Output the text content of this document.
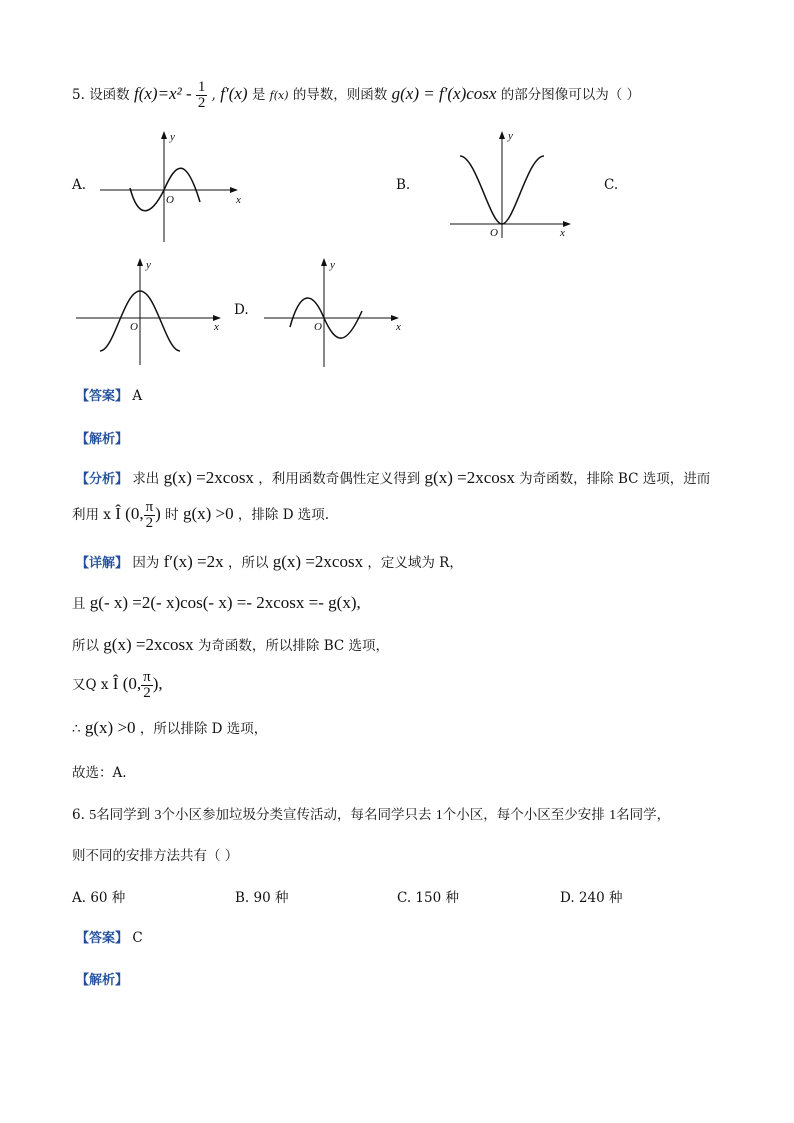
5. 设函数 $f(x)=x^2 - \frac{1}{2}$ , f′(x) 是 f(x) 的导数，则函数 g(x) = f′(x)cosx 的部分图像可以为（ ）
A.	B.	C.
D.
x
y
O
x
y
O
x
y
O	x
y
O
【答案】 A
【解析】
【分析】 求出 g(x) =2xcosx ，利用函数奇偶性定义得到 g(x) =2xcosx 为奇函数，排除 BC 选项，进而
利用 x Î (0, $\frac{\pi}{2}$ ) 时 g(x) >0 ，排除 D 选项.
【详解】 因为 f′(x) =2x ，所以 g(x) =2xcosx ，定义域为 R，
且 g(- x) =2(- x)cos(- x) =- 2xcosx =- g(x),
所以 g(x) =2xcosx 为奇函数，所以排除 BC 选项，
又Q x Î (0, $\frac{\pi}{2}$ ),
∴ g(x) >0 ，所以排除 D 选项，
故选：A.
6. 5名同学到 3个小区参加垃圾分类宣传活动，每名同学只去 1个小区，每个小区至少安排 1名同学，
则不同的安排方法共有（ ）
A. 60 种	B. 90 种	C. 150 种	D. 240 种
【答案】 C
【解析】
